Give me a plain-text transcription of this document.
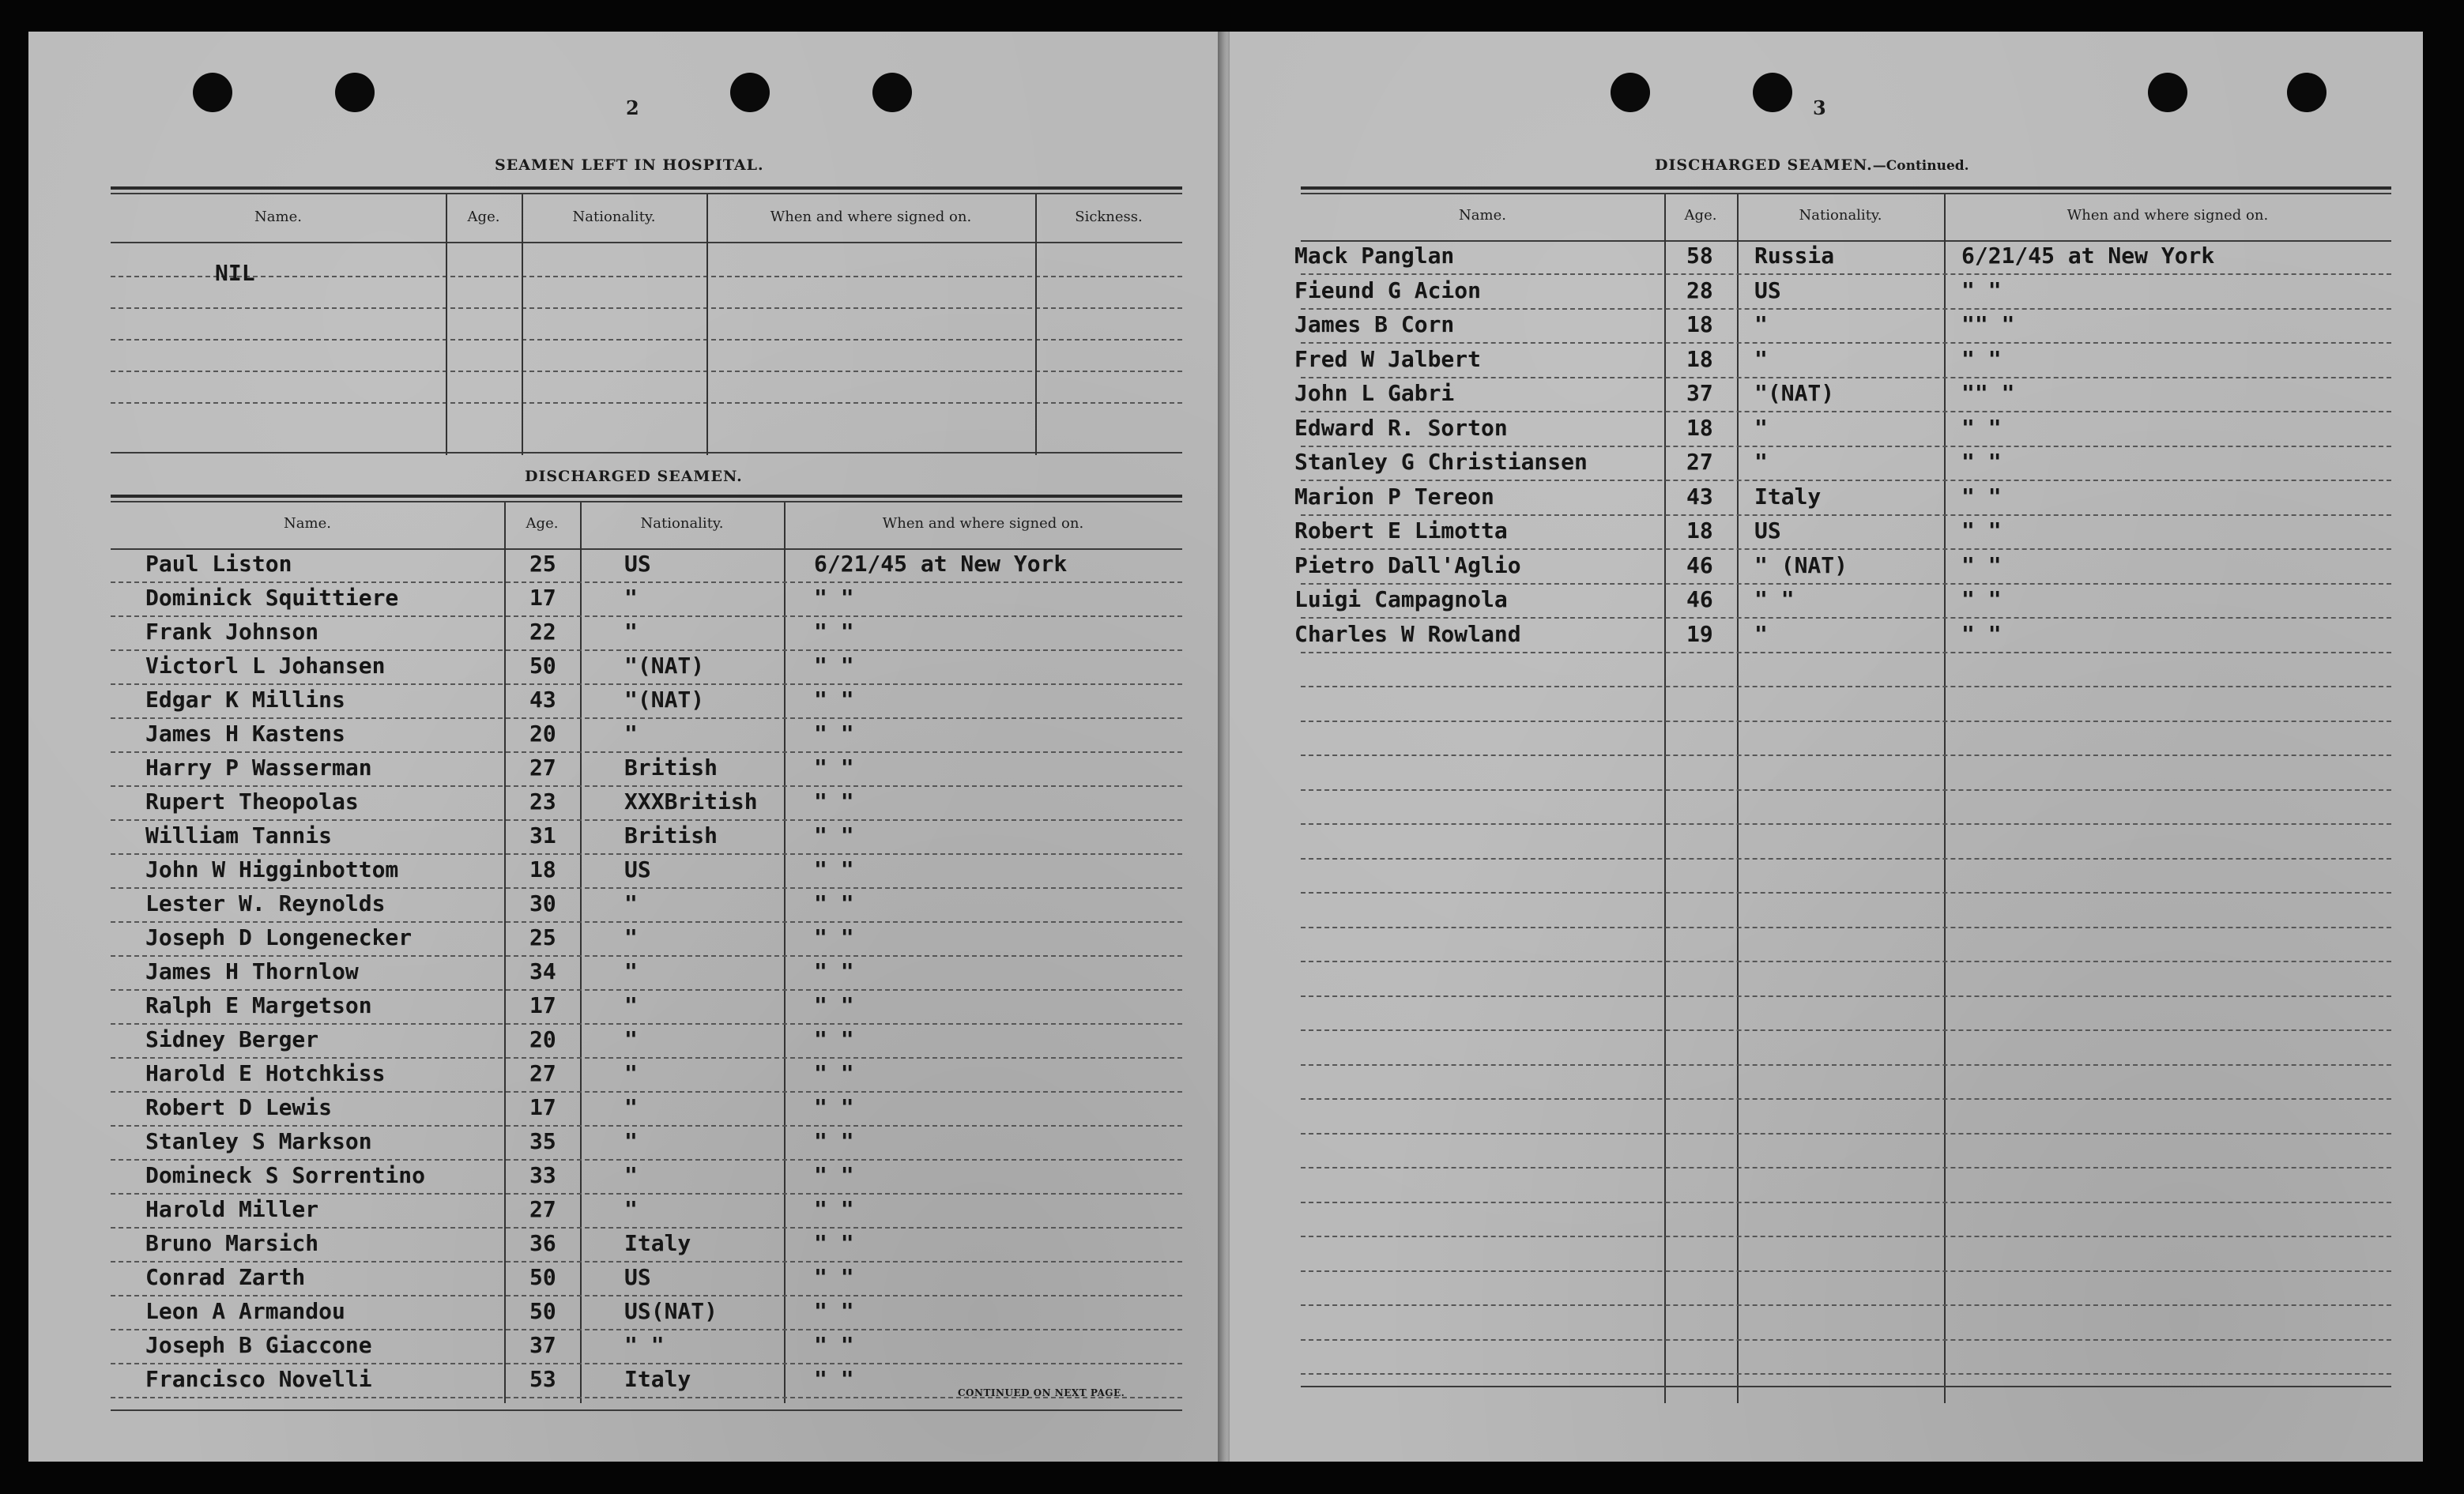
2
SEAMEN LEFT IN HOSPITAL.
Name.	Age.	Nationality.	When and where signed on.	Sickness.
NIL
DISCHARGED SEAMEN.
Name.	Age.	Nationality.	When and where signed on.
Paul Liston	25	US	6/21/45 at New York
Dominick Squittiere	17	"	" "
Frank Johnson	22	"	" "
Victorl L Johansen	50	"(NAT)	" "
Edgar K Millins	43	"(NAT)	" "
James H Kastens	20	"	" "
Harry P Wasserman	27	British	" "
Rupert Theopolas	23	XXXBritish	" "
William Tannis	31	British	" "
John W Higginbottom	18	US	" "
Lester W. Reynolds	30	"	" "
Joseph D Longenecker	25	"	" "
James H Thornlow	34	"	" "
Ralph E Margetson	17	"	" "
Sidney Berger	20	"	" "
Harold E Hotchkiss	27	"	" "
Robert D Lewis	17	"	" "
Stanley S Markson	35	"	" "
Domineck S Sorrentino	33	"	" "
Harold Miller	27	"	" "
Bruno Marsich	36	Italy	" "
Conrad Zarth	50	US	" "
Leon A Armandou	50	US(NAT)	" "
Joseph B Giaccone	37	" "	" "
Francisco Novelli	53	Italy	" "
CONTINUED ON NEXT PAGE.
3
DISCHARGED SEAMEN.—Continued.
Name.	Age.	Nationality.	When and where signed on.
Mack Panglan	58 Russia	6/21/45 at New York
Fieund G Acion	28 US	" "
James B Corn	18 "	"" "
Fred W Jalbert	18 "	" "
John L Gabri	37 "(NAT)	"" "
Edward R. Sorton	18 "	" "
Stanley G Christiansen	27 "	" "
Marion P Tereon	43 Italy	" "
Robert E Limotta	18 US	" "
Pietro Dall'Aglio	46 " (NAT)	" "
Luigi Campagnola	46 " "	" "
Charles W Rowland	19 "	" "
